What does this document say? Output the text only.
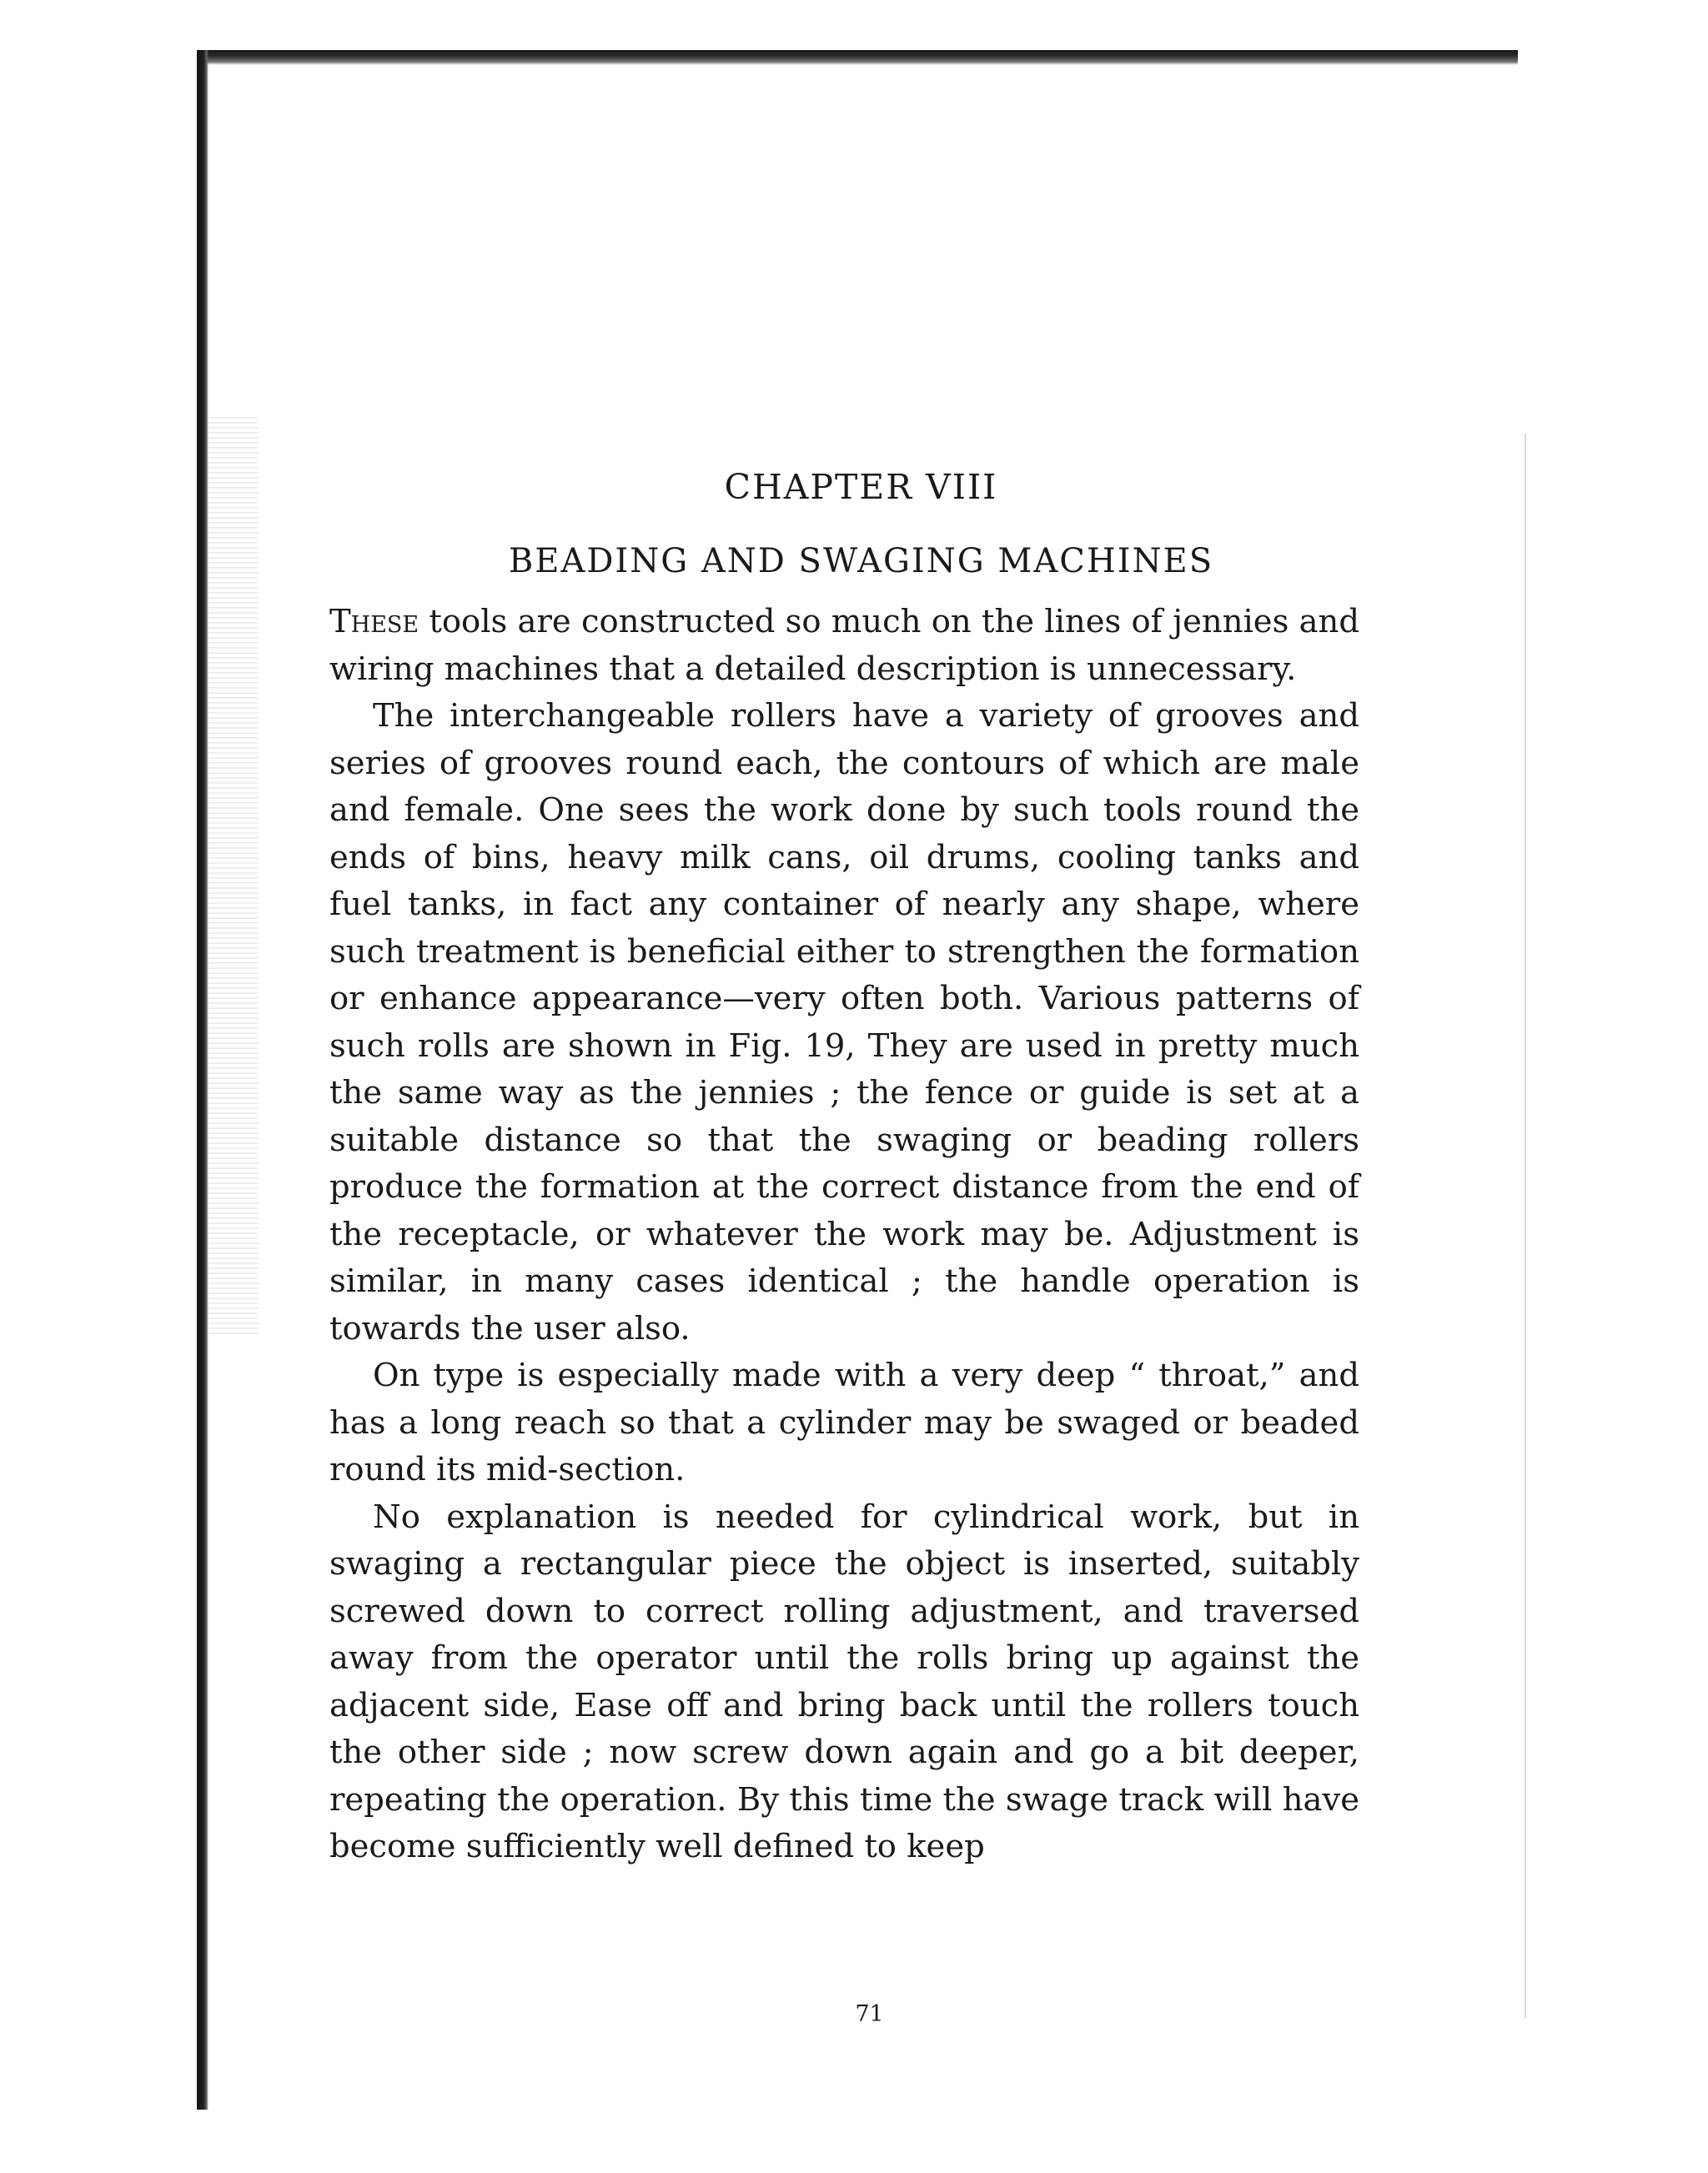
CHAPTER VIII
BEADING AND SWAGING MACHINES

These tools are constructed so much on the lines of jennies and wiring machines that a detailed description is unnecessary.

The interchangeable rollers have a variety of grooves and series of grooves round each, the contours of which are male and female. One sees the work done by such tools round the ends of bins, heavy milk cans, oil drums, cooling tanks and fuel tanks, in fact any container of nearly any shape, where such treatment is beneficial either to strengthen the formation or enhance appearance—very often both. Various patterns of such rolls are shown in Fig. 19, They are used in pretty much the same way as the jennies ; the fence or guide is set at a suitable distance so that the swaging or beading rollers produce the formation at the correct distance from the end of the receptacle, or whatever the work may be. Adjustment is similar, in many cases identical ; the handle operation is towards the user also.

On type is especially made with a very deep “ throat,” and has a long reach so that a cylinder may be swaged or beaded round its mid-section.

No explanation is needed for cylindrical work, but in swaging a rectangular piece the object is inserted, suitably screwed down to correct rolling adjustment, and traversed away from the operator until the rolls bring up against the adjacent side, Ease off and bring back until the rollers touch the other side ; now screw down again and go a bit deeper, repeating the operation. By this time the swage track will have become sufficiently well defined to keep

71
